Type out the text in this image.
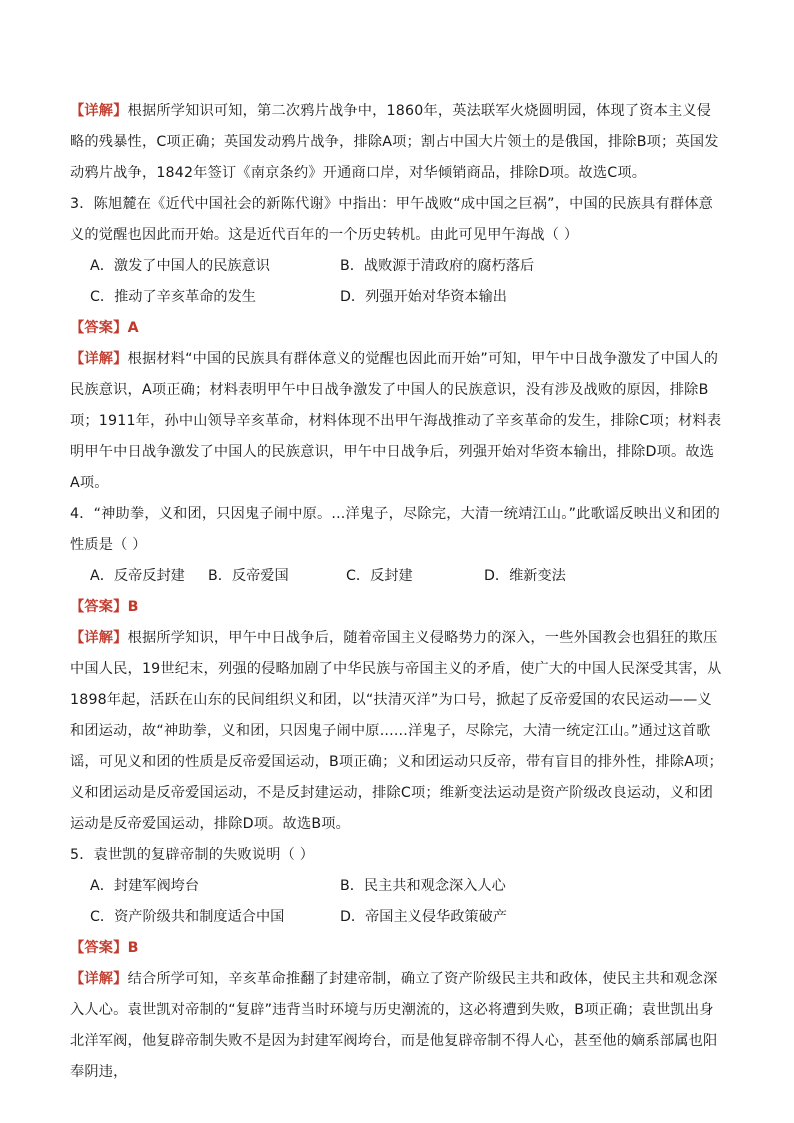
【详解】根据所学知识可知，第二次鸦片战争中，1860年，英法联军火烧圆明园，体现了资本主义侵略的残暴性，C项正确；英国发动鸦片战争，排除A项；割占中国大片领土的是俄国，排除B项；英国发动鸦片战争，1842年签订《南京条约》开通商口岸，对华倾销商品，排除D项。故选C项。

3．陈旭麓在《近代中国社会的新陈代谢》中指出：甲午战败“成中国之巨祸”，中国的民族具有群体意义的觉醒也因此而开始。这是近代百年的一个历史转机。由此可见甲午海战（ ）

A．激发了中国人的民族意识	B．战败源于清政府的腐朽落后
C．推动了辛亥革命的发生	D．列强开始对华资本输出

【答案】A

【详解】根据材料“中国的民族具有群体意义的觉醒也因此而开始”可知，甲午中日战争激发了中国人的民族意识，A项正确；材料表明甲午中日战争激发了中国人的民族意识，没有涉及战败的原因，排除B项；1911年，孙中山领导辛亥革命，材料体现不出甲午海战推动了辛亥革命的发生，排除C项；材料表明甲午中日战争激发了中国人的民族意识，甲午中日战争后，列强开始对华资本输出，排除D项。故选A项。

4．“神助拳，义和团，只因鬼子闹中原。...洋鬼子，尽除完，大清一统靖江山。”此歌谣反映出义和团的性质是（ ）

A．反帝反封建	B．反帝爱国	C．反封建	D．维新变法

【答案】B

【详解】根据所学知识，甲午中日战争后，随着帝国主义侵略势力的深入，一些外国教会也猖狂的欺压中国人民，19世纪末，列强的侵略加剧了中华民族与帝国主义的矛盾，使广大的中国人民深受其害，从1898年起，活跃在山东的民间组织义和团，以“扶清灭洋”为口号，掀起了反帝爱国的农民运动——义和团运动，故“神助拳，义和团，只因鬼子闹中原......洋鬼子，尽除完，大清一统定江山。”通过这首歌谣，可见义和团的性质是反帝爱国运动，B项正确；义和团运动只反帝，带有盲目的排外性，排除A项；义和团运动是反帝爱国运动，不是反封建运动，排除C项；维新变法运动是资产阶级改良运动，义和团运动是反帝爱国运动，排除D项。故选B项。

5．袁世凯的复辟帝制的失败说明（ ）

A．封建军阀垮台	B．民主共和观念深入人心
C．资产阶级共和制度适合中国	D．帝国主义侵华政策破产

【答案】B

【详解】结合所学可知，辛亥革命推翻了封建帝制，确立了资产阶级民主共和政体，使民主共和观念深入人心。袁世凯对帝制的“复辟”违背当时环境与历史潮流的，这必将遭到失败，B项正确；袁世凯出身北洋军阀，他复辟帝制失败不是因为封建军阀垮台，而是他复辟帝制不得人心，甚至他的嫡系部属也阳奉阴违，
